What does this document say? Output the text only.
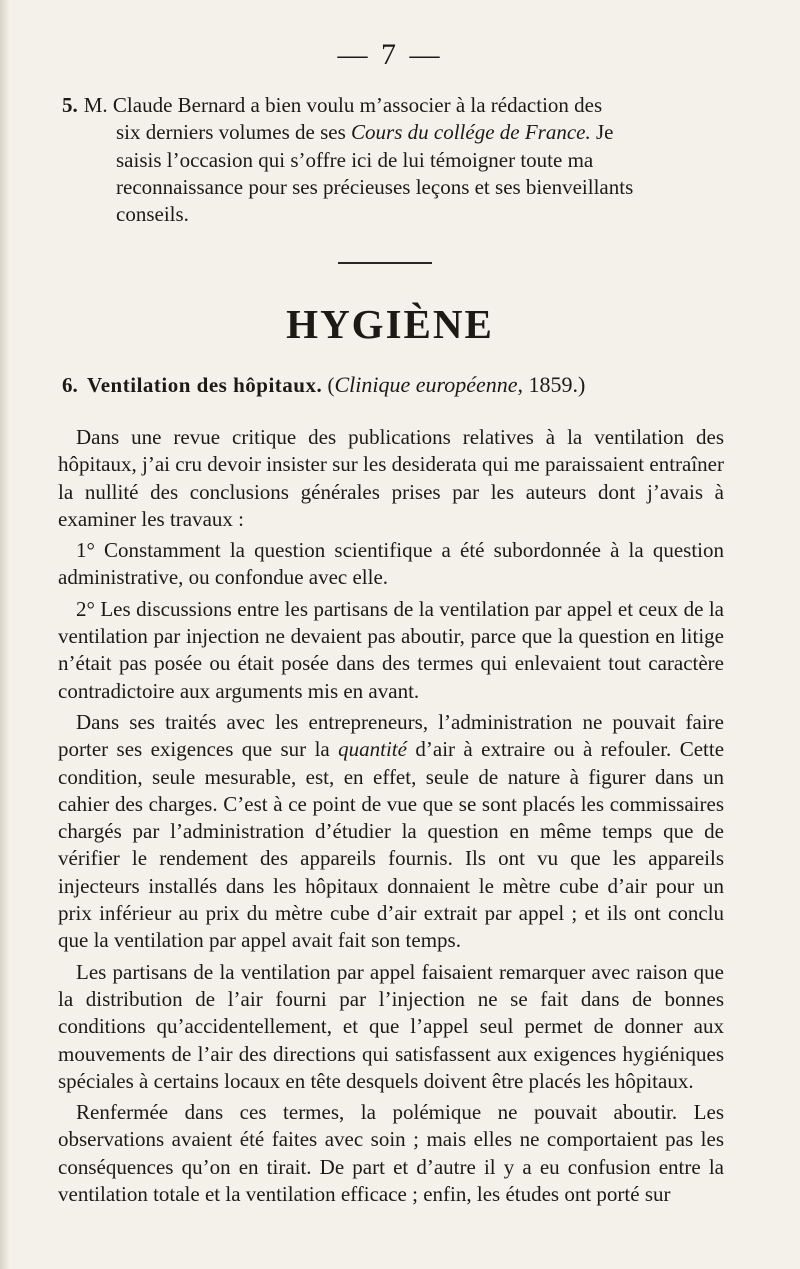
— 7 —
5. M. Claude Bernard a bien voulu m’associer à la rédaction des
six derniers volumes de ses Cours du collége de France. Je
saisis l’occasion qui s’offre ici de lui témoigner toute ma
reconnaissance pour ses précieuses leçons et ses bienveillants
conseils.
HYGIÈNE
6. Ventilation des hôpitaux. (Clinique européenne, 1859.)

Dans une revue critique des publications relatives à la ventilation des hôpitaux, j’ai cru devoir insister sur les desiderata qui me paraissaient entraîner la nullité des conclusions générales prises par les auteurs dont j’avais à examiner les travaux :

1° Constamment la question scientifique a été subordonnée à la question administrative, ou confondue avec elle.

2° Les discussions entre les partisans de la ventilation par appel et ceux de la ventilation par injection ne devaient pas aboutir, parce que la question en litige n’était pas posée ou était posée dans des termes qui enlevaient tout caractère contradictoire aux arguments mis en avant.

Dans ses traités avec les entrepreneurs, l’administration ne pouvait faire porter ses exigences que sur la quantité d’air à extraire ou à refouler. Cette condition, seule mesurable, est, en effet, seule de nature à figurer dans un cahier des charges. C’est à ce point de vue que se sont placés les commissaires chargés par l’administration d’étudier la question en même temps que de vérifier le rendement des appareils fournis. Ils ont vu que les appareils injecteurs installés dans les hôpitaux donnaient le mètre cube d’air pour un prix inférieur au prix du mètre cube d’air extrait par appel ; et ils ont conclu que la ventilation par appel avait fait son temps.

Les partisans de la ventilation par appel faisaient remarquer avec raison que la distribution de l’air fourni par l’injection ne se fait dans de bonnes conditions qu’accidentellement, et que l’appel seul permet de donner aux mouvements de l’air des directions qui satisfassent aux exigences hygiéniques spéciales à certains locaux en tête desquels doivent être placés les hôpitaux.

Renfermée dans ces termes, la polémique ne pouvait aboutir. Les observations avaient été faites avec soin ; mais elles ne comportaient pas les conséquences qu’on en tirait. De part et d’autre il y a eu confusion entre la ventilation totale et la ventilation efficace ; enfin, les études ont porté sur
